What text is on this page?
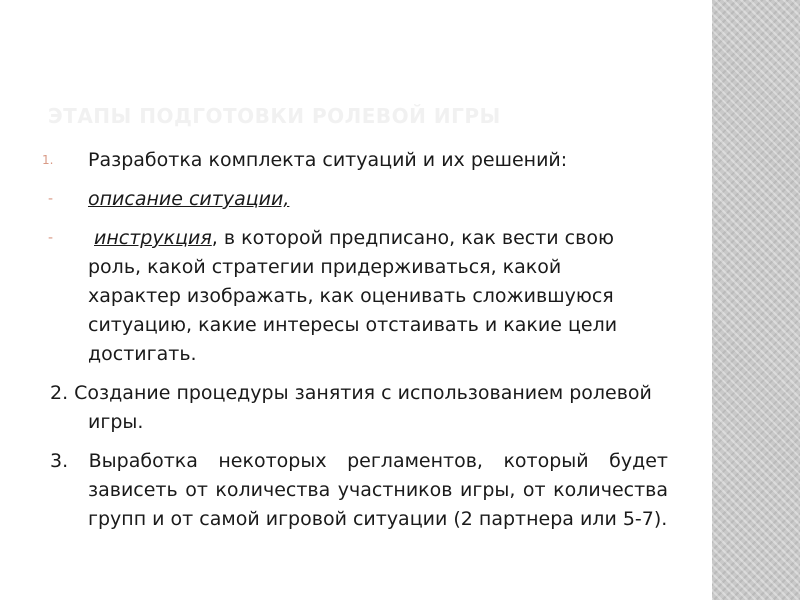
ЭТАПЫ ПОДГОТОВКИ РОЛЕВОЙ ИГРЫ
1.	Разработка комплекта ситуаций и их решений:
-	описание ситуации,
-	инструкция, в которой предписано, как вести свою роль, какой стратегии придерживаться, какой характер изображать, как оценивать сложившуюся ситуацию, какие интересы отстаивать и какие цели достигать.
2. Создание процедуры занятия с использованием ролевой игры.
3. Выработка некоторых регламентов, который будет зависеть от количества участников игры, от количества групп и от самой игровой ситуации (2 партнера или 5-7).
